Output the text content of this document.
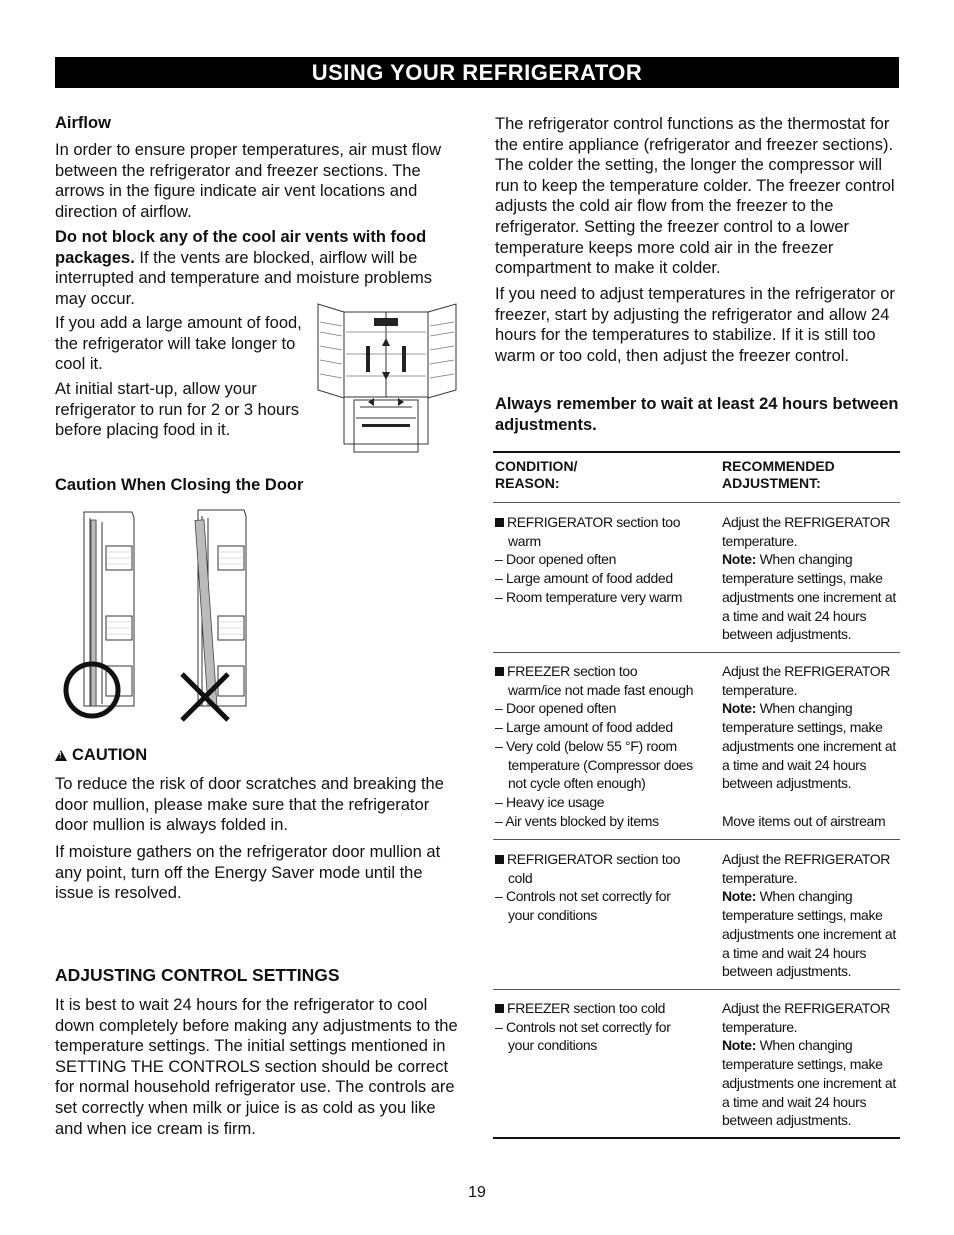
USING YOUR REFRIGERATOR
Airflow

In order to ensure proper temperatures, air must flow between the refrigerator and freezer sections. The arrows in the figure indicate air vent locations and direction of airflow.

Do not block any of the cool air vents with food packages. If the vents are blocked, airflow will be interrupted and temperature and moisture problems may occur.

If you add a large amount of food, the refrigerator will take longer to cool it.

At initial start-up, allow your refrigerator to run for 2 or 3 hours before placing food in it.

Caution When Closing the Door
!CAUTION

To reduce the risk of door scratches and breaking the door mullion, please make sure that the refrigerator door mullion is always folded in.

If moisture gathers on the refrigerator door mullion at any point, turn off the Energy Saver mode until the issue is resolved.

ADJUSTING CONTROL SETTINGS

It is best to wait 24 hours for the refrigerator to cool down completely before making any adjustments to the temperature settings. The initial settings mentioned in SETTING THE CONTROLS section should be correct for normal household refrigerator use. The controls are set correctly when milk or juice is as cold as you like and when ice cream is firm.

The refrigerator control functions as the thermostat for the entire appliance (refrigerator and freezer sections). The colder the setting, the longer the compressor will run to keep the temperature colder. The freezer control adjusts the cold air flow from the freezer to the refrigerator. Setting the freezer control to a lower temperature keeps more cold air in the freezer compartment to make it colder.

If you need to adjust temperatures in the refrigerator or freezer, start by adjusting the refrigerator and allow 24 hours for the temperatures to stabilize. If it is still too warm or too cold, then adjust the freezer control.

Always remember to wait at least 24 hours between adjustments.

CONDITION/
REASON:
RECOMMENDED
ADJUSTMENT:
REFRIGERATOR section too
warm
– Door opened often
– Large amount of food added
– Room temperature very warm
Adjust the REFRIGERATOR
temperature.
Note: When changing
temperature settings, make
adjustments one increment at
a time and wait 24 hours
between adjustments.
FREEZER section too
warm/ice not made fast enough
– Door opened often
– Large amount of food added
– Very cold (below 55 °F) room
temperature (Compressor does
not cycle often enough)
– Heavy ice usage
– Air vents blocked by items
Adjust the REFRIGERATOR
temperature.
Note: When changing
temperature settings, make
adjustments one increment at
a time and wait 24 hours
between adjustments.
Move items out of airstream
REFRIGERATOR section too
cold
– Controls not set correctly for
your conditions
Adjust the REFRIGERATOR
temperature.
Note: When changing
temperature settings, make
adjustments one increment at
a time and wait 24 hours
between adjustments.
FREEZER section too cold
– Controls not set correctly for
your conditions
Adjust the REFRIGERATOR
temperature.
Note: When changing
temperature settings, make
adjustments one increment at
a time and wait 24 hours
between adjustments.
19
